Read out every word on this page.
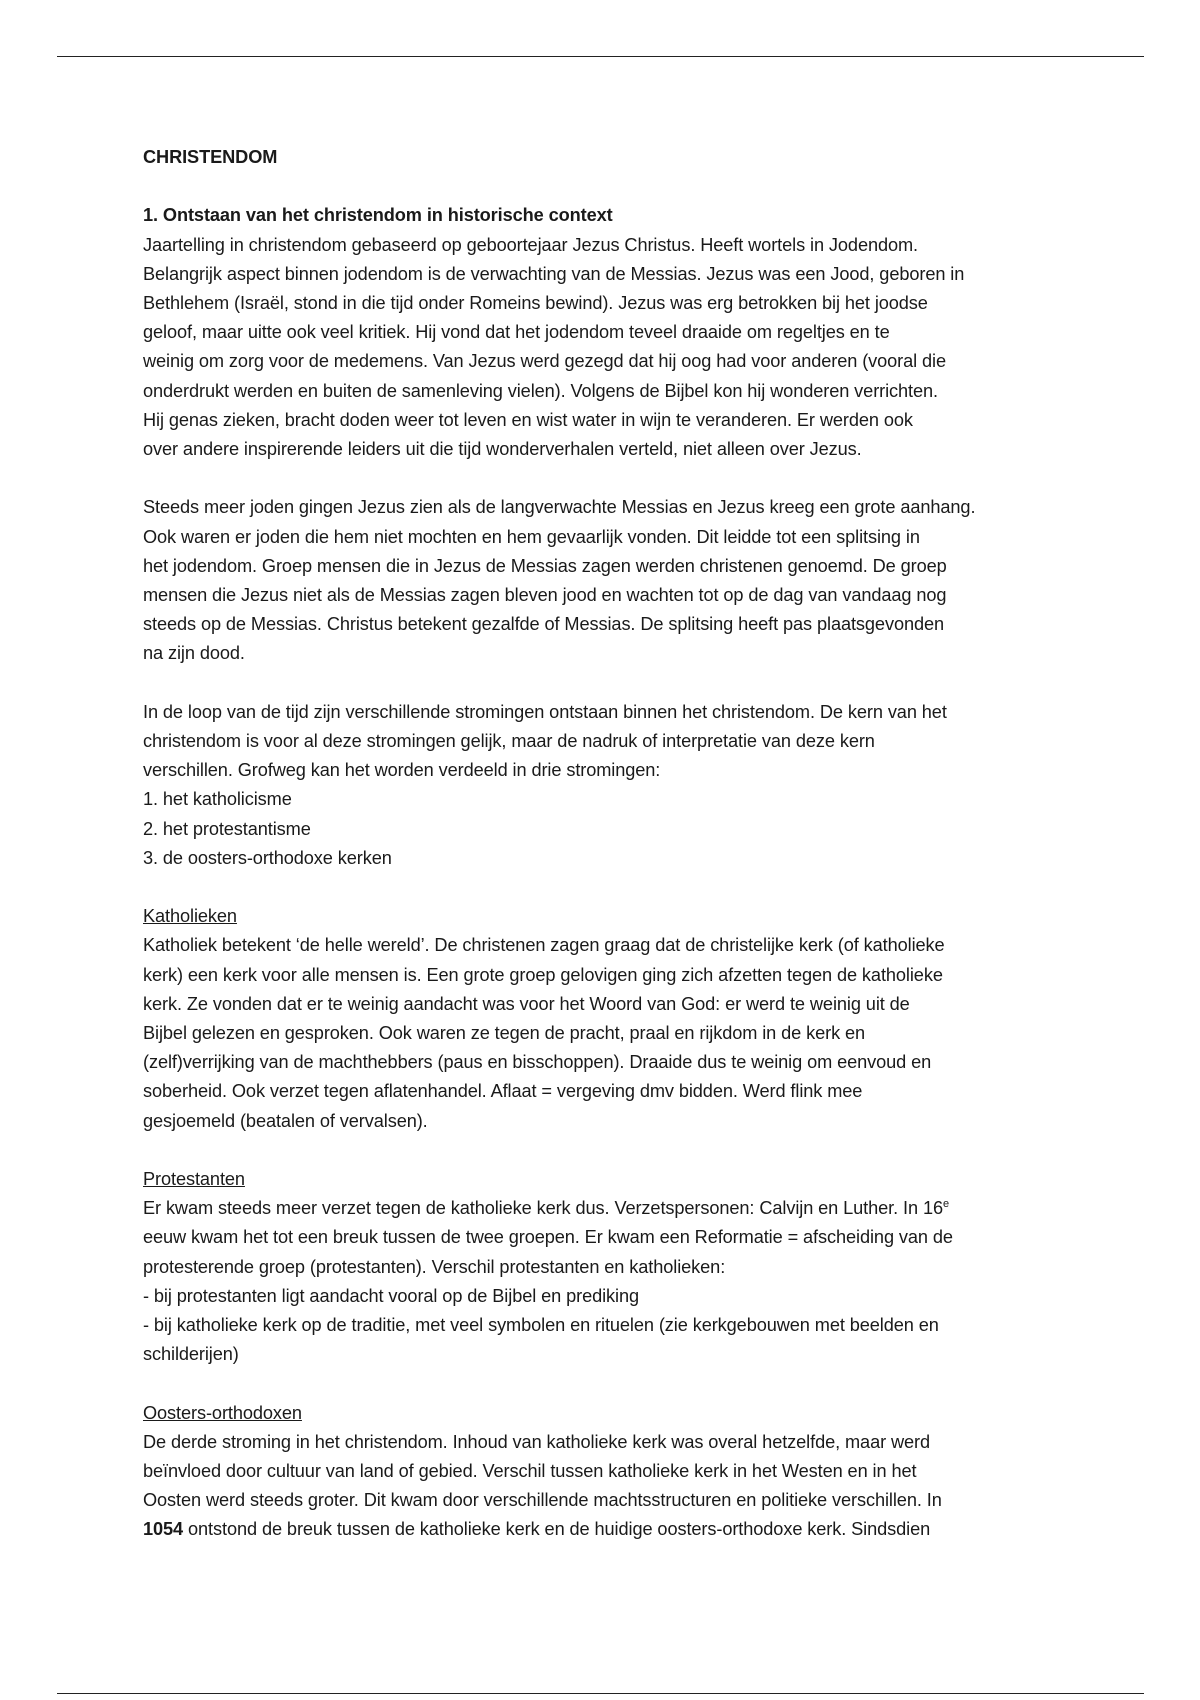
CHRISTENDOM

1. Ontstaan van het christendom in historische context

Jaartelling in christendom gebaseerd op geboortejaar Jezus Christus. Heeft wortels in Jodendom.

Belangrijk aspect binnen jodendom is de verwachting van de Messias. Jezus was een Jood, geboren in

Bethlehem (Israël, stond in die tijd onder Romeins bewind). Jezus was erg betrokken bij het joodse

geloof, maar uitte ook veel kritiek. Hij vond dat het jodendom teveel draaide om regeltjes en te

weinig om zorg voor de medemens. Van Jezus werd gezegd dat hij oog had voor anderen (vooral die

onderdrukt werden en buiten de samenleving vielen). Volgens de Bijbel kon hij wonderen verrichten.

Hij genas zieken, bracht doden weer tot leven en wist water in wijn te veranderen. Er werden ook

over andere inspirerende leiders uit die tijd wonderverhalen verteld, niet alleen over Jezus.

Steeds meer joden gingen Jezus zien als de langverwachte Messias en Jezus kreeg een grote aanhang.

Ook waren er joden die hem niet mochten en hem gevaarlijk vonden. Dit leidde tot een splitsing in

het jodendom. Groep mensen die in Jezus de Messias zagen werden christenen genoemd. De groep

mensen die Jezus niet als de Messias zagen bleven jood en wachten tot op de dag van vandaag nog

steeds op de Messias. Christus betekent gezalfde of Messias. De splitsing heeft pas plaatsgevonden

na zijn dood.

In de loop van de tijd zijn verschillende stromingen ontstaan binnen het christendom. De kern van het

christendom is voor al deze stromingen gelijk, maar de nadruk of interpretatie van deze kern

verschillen. Grofweg kan het worden verdeeld in drie stromingen:

1. het katholicisme

2. het protestantisme

3. de oosters-orthodoxe kerken

Katholieken

Katholiek betekent ‘de helle wereld’. De christenen zagen graag dat de christelijke kerk (of katholieke

kerk) een kerk voor alle mensen is. Een grote groep gelovigen ging zich afzetten tegen de katholieke

kerk. Ze vonden dat er te weinig aandacht was voor het Woord van God: er werd te weinig uit de

Bijbel gelezen en gesproken. Ook waren ze tegen de pracht, praal en rijkdom in de kerk en

(zelf)verrijking van de machthebbers (paus en bisschoppen). Draaide dus te weinig om eenvoud en

soberheid. Ook verzet tegen aflatenhandel. Aflaat = vergeving dmv bidden. Werd flink mee

gesjoemeld (beatalen of vervalsen).

Protestanten

Er kwam steeds meer verzet tegen de katholieke kerk dus. Verzetspersonen: Calvijn en Luther. In 16e

eeuw kwam het tot een breuk tussen de twee groepen. Er kwam een Reformatie = afscheiding van de

protesterende groep (protestanten). Verschil protestanten en katholieken:

- bij protestanten ligt aandacht vooral op de Bijbel en prediking

- bij katholieke kerk op de traditie, met veel symbolen en rituelen (zie kerkgebouwen met beelden en

schilderijen)

Oosters-orthodoxen

De derde stroming in het christendom. Inhoud van katholieke kerk was overal hetzelfde, maar werd

beïnvloed door cultuur van land of gebied. Verschil tussen katholieke kerk in het Westen en in het

Oosten werd steeds groter. Dit kwam door verschillende machtsstructuren en politieke verschillen. In

1054 ontstond de breuk tussen de katholieke kerk en de huidige oosters-orthodoxe kerk. Sindsdien
